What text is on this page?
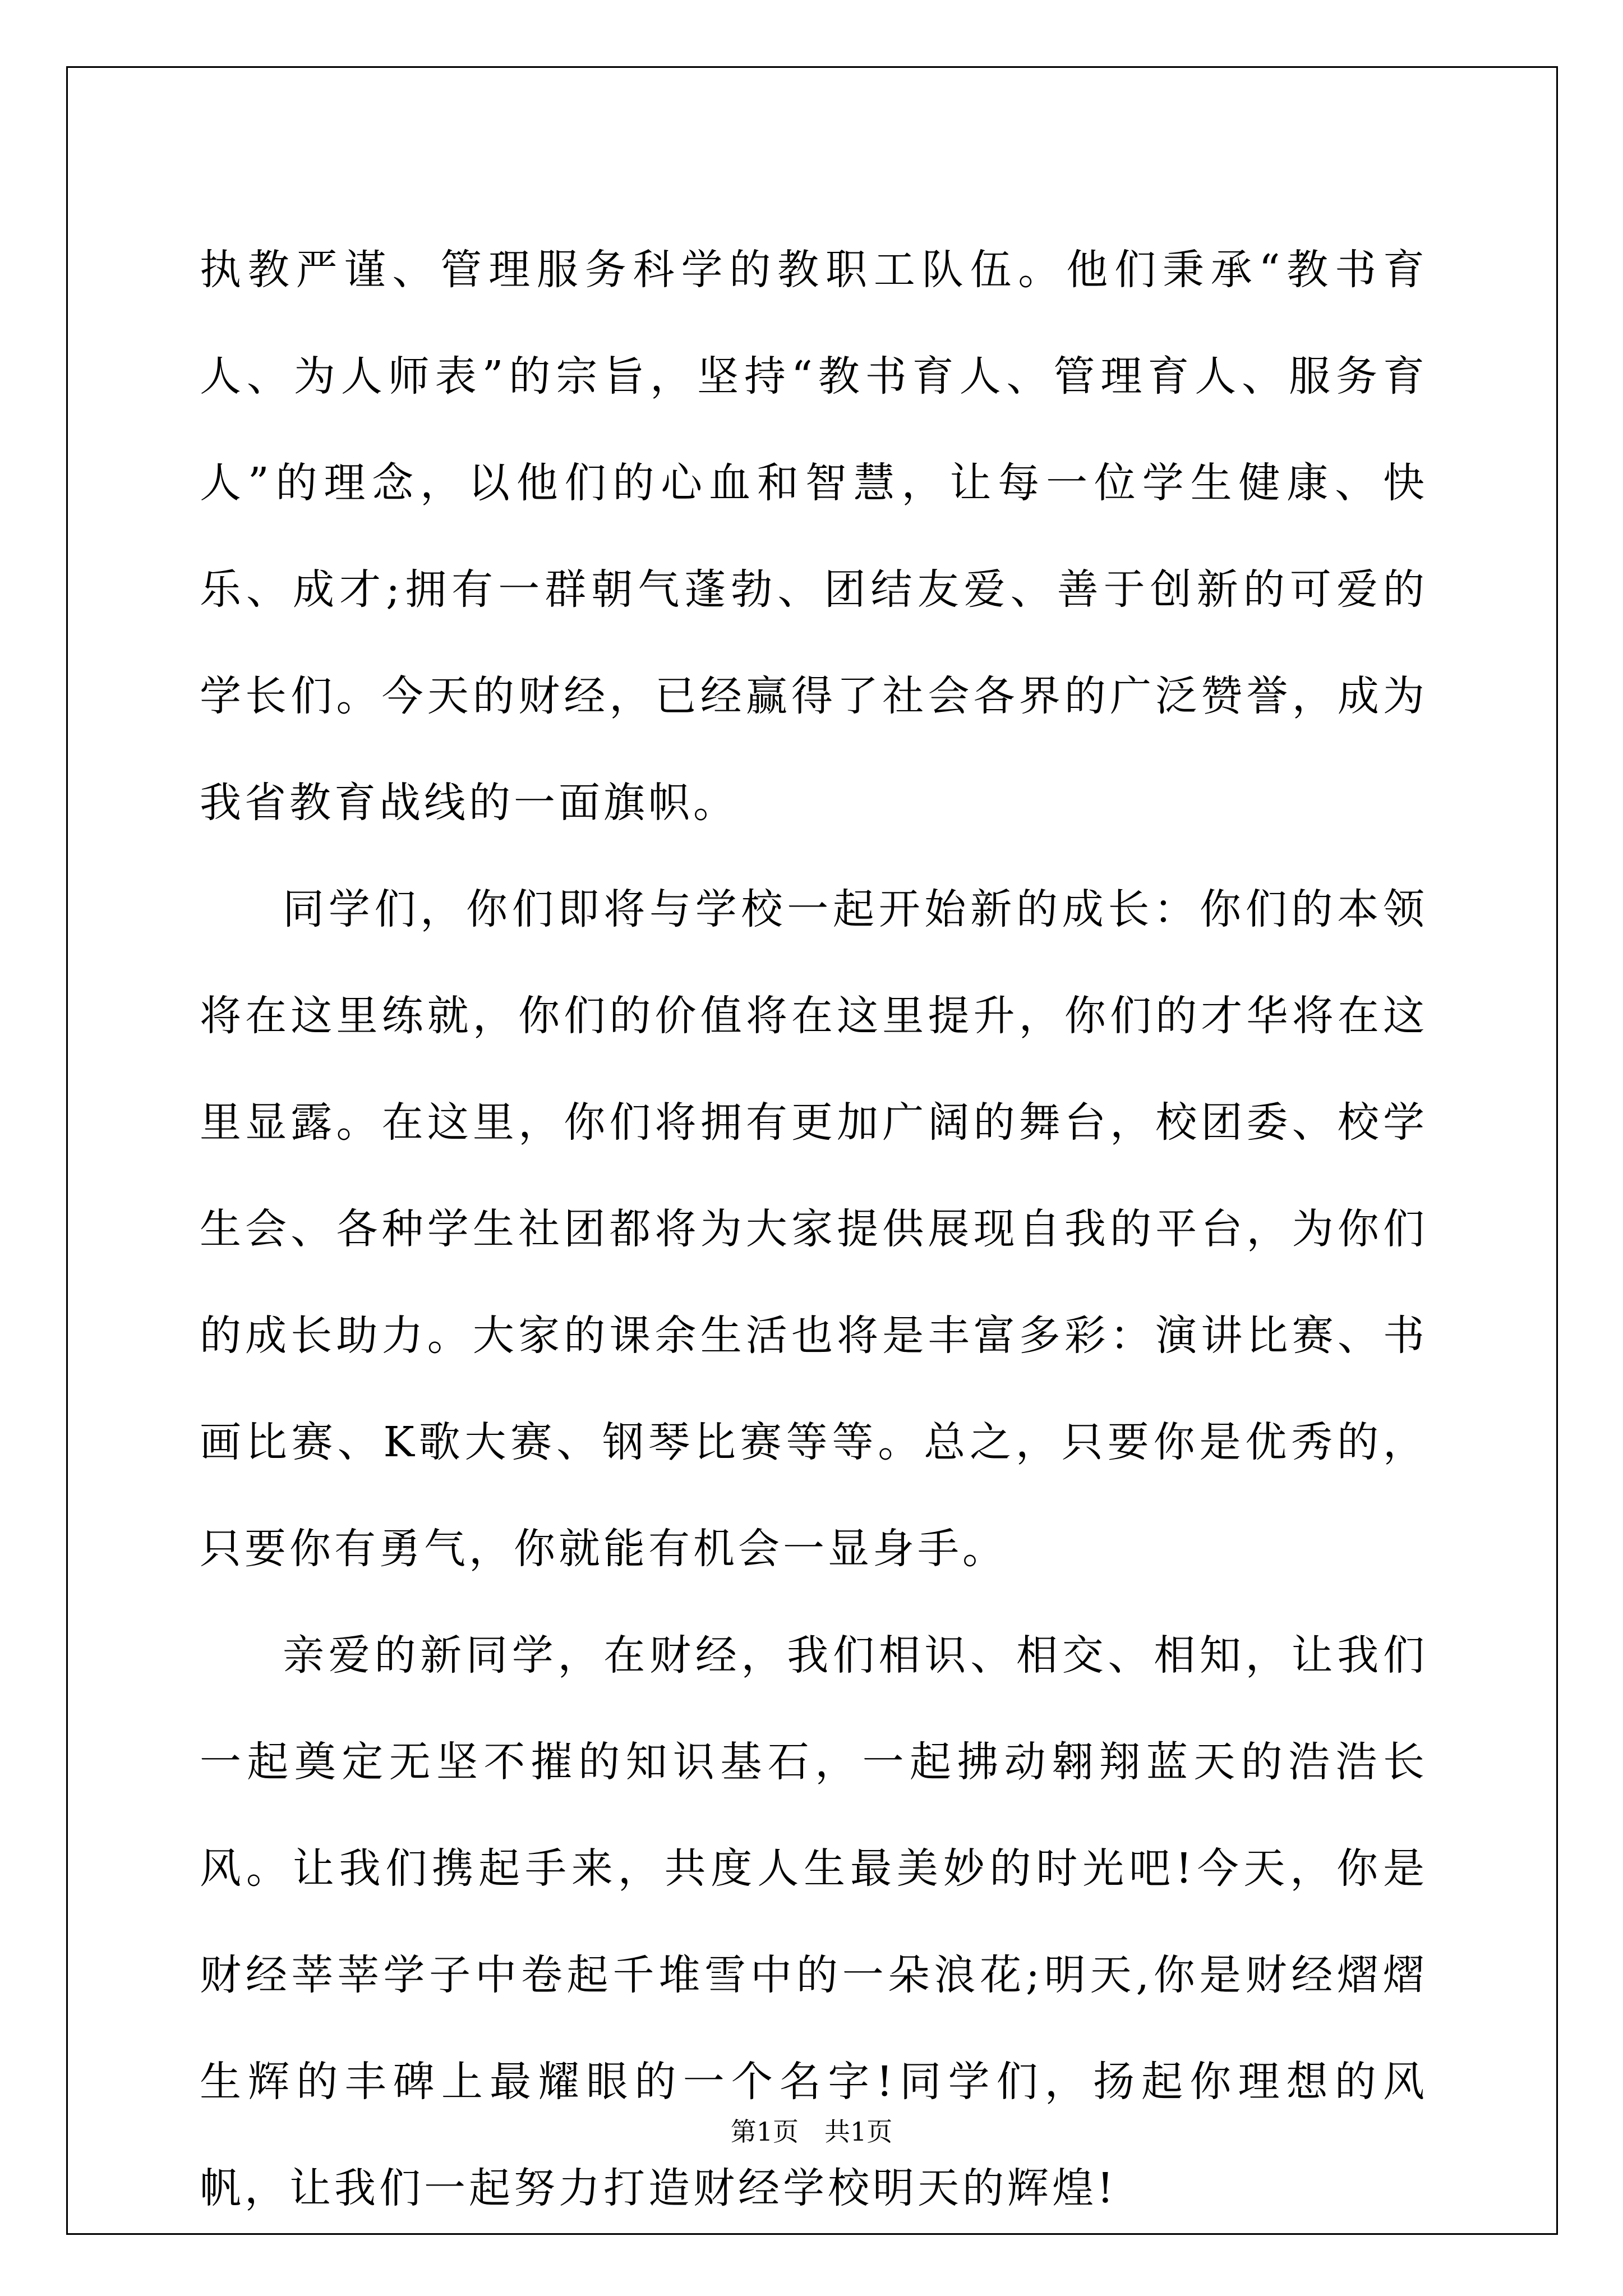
执教严谨、管理服务科学的教职工队伍。他们秉承“教书育人、为人师表”的宗旨，坚持“教书育人、管理育人、服务育人”的理念，以他们的心血和智慧，让每一位学生健康、快乐、成才;拥有一群朝气蓬勃、团结友爱、善于创新的可爱的学长们。今天的财经，已经赢得了社会各界的广泛赞誉，成为我省教育战线的一面旗帜。

同学们，你们即将与学校一起开始新的成长：你们的本领将在这里练就，你们的价值将在这里提升，你们的才华将在这里显露。在这里，你们将拥有更加广阔的舞台，校团委、校学生会、各种学生社团都将为大家提供展现自我的平台，为你们的成长助力。大家的课余生活也将是丰富多彩：演讲比赛、书画比赛、K歌大赛、钢琴比赛等等。总之，只要你是优秀的，只要你有勇气，你就能有机会一显身手。

亲爱的新同学，在财经，我们相识、相交、相知，让我们一起奠定无坚不摧的知识基石，一起拂动翱翔蓝天的浩浩长风。让我们携起手来，共度人生最美妙的时光吧!今天，你是财经莘莘学子中卷起千堆雪中的一朵浪花;明天,你是财经熠熠生辉的丰碑上最耀眼的一个名字!同学们，扬起你理想的风帆，让我们一起努力打造财经学校明天的辉煌!

第1页　共1页
